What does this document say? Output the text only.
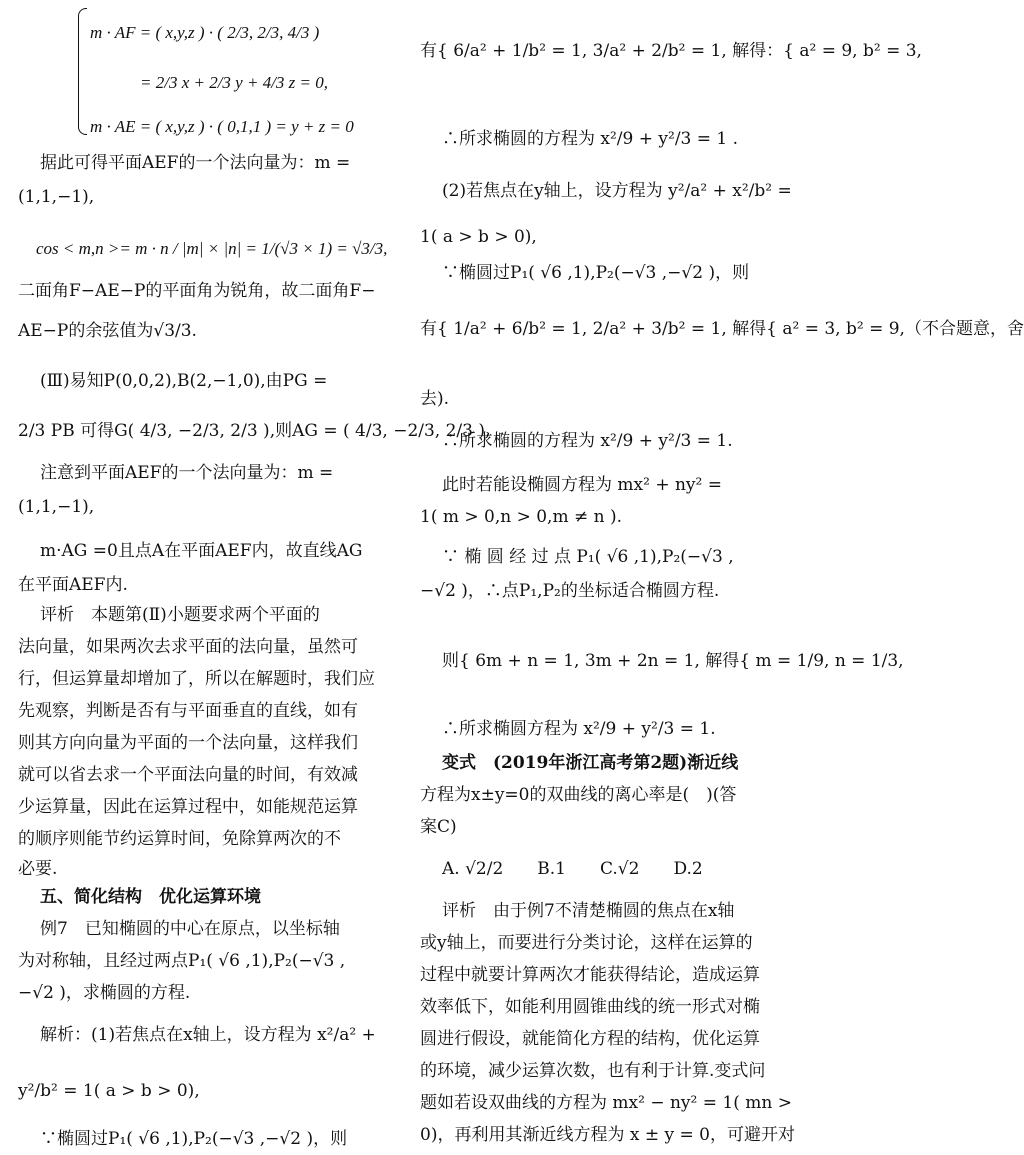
m · AF = ( x,y,z ) · ( 2/3, 2/3, 4/3 )
= 2/3 x + 2/3 y + 4/3 z = 0,
m · AE = ( x,y,z ) · ( 0,1,1 ) = y + z = 0
据此可得平面AEF的一个法向量为：m =
(1,1,−1),
cos < m,n >= m · n / |m| × |n| = 1/(√3 × 1) = √3/3,
二面角F−AE−P的平面角为锐角，故二面角F−
AE−P的余弦值为√3/3.
(Ⅲ)易知P(0,0,2),B(2,−1,0),由PG =
2/3 PB 可得G( 4/3, −2/3, 2/3 ),则AG = ( 4/3, −2/3, 2/3 ),
注意到平面AEF的一个法向量为：m =
(1,1,−1),
m·AG =0且点A在平面AEF内，故直线AG
在平面AEF内.
评析　本题第(Ⅱ)小题要求两个平面的
法向量，如果两次去求平面的法向量，虽然可
行，但运算量却增加了，所以在解题时，我们应
先观察，判断是否有与平面垂直的直线，如有
则其方向向量为平面的一个法向量，这样我们
就可以省去求一个平面法向量的时间，有效减
少运算量，因此在运算过程中，如能规范运算
的顺序则能节约运算时间，免除算两次的不
必要.
五、简化结构　优化运算环境
例7　已知椭圆的中心在原点，以坐标轴
为对称轴，且经过两点P₁( √6 ,1),P₂(−√3 ,
−√2 )，求椭圆的方程.
解析：(1)若焦点在x轴上，设方程为 x²/a² +
y²/b² = 1( a > b > 0),
∵椭圆过P₁( √6 ,1),P₂(−√3 ,−√2 )，则
有{ 6/a² + 1/b² = 1, 3/a² + 2/b² = 1, 解得：{ a² = 9, b² = 3,
∴所求椭圆的方程为 x²/9 + y²/3 = 1 .
(2)若焦点在y轴上，设方程为 y²/a² + x²/b² =
1( a > b > 0),
∵椭圆过P₁( √6 ,1),P₂(−√3 ,−√2 )，则
有{ 1/a² + 6/b² = 1, 2/a² + 3/b² = 1, 解得{ a² = 3, b² = 9,（不合题意，舍
去).
∴所求椭圆的方程为 x²/9 + y²/3 = 1.
此时若能设椭圆方程为 mx² + ny² =
1( m > 0,n > 0,m ≠ n ).
∵ 椭 圆 经 过 点 P₁( √6 ,1),P₂(−√3 ,
−√2 )，∴点P₁,P₂的坐标适合椭圆方程.
则{ 6m + n = 1, 3m + 2n = 1, 解得{ m = 1/9, n = 1/3,
∴所求椭圆方程为 x²/9 + y²/3 = 1.
变式　(2019年浙江高考第2题)渐近线
方程为x±y=0的双曲线的离心率是(　)(答
案C)
A. √2/2　　B.1　　C.√2　　D.2
评析　由于例7不清楚椭圆的焦点在x轴
或y轴上，而要进行分类讨论，这样在运算的
过程中就要计算两次才能获得结论，造成运算
效率低下，如能利用圆锥曲线的统一形式对椭
圆进行假设，就能简化方程的结构，优化运算
的环境，减少运算次数，也有利于计算.变式问
题如若设双曲线的方程为 mx² − ny² = 1( mn >
0)，再利用其渐近线方程为 x ± y = 0，可避开对
